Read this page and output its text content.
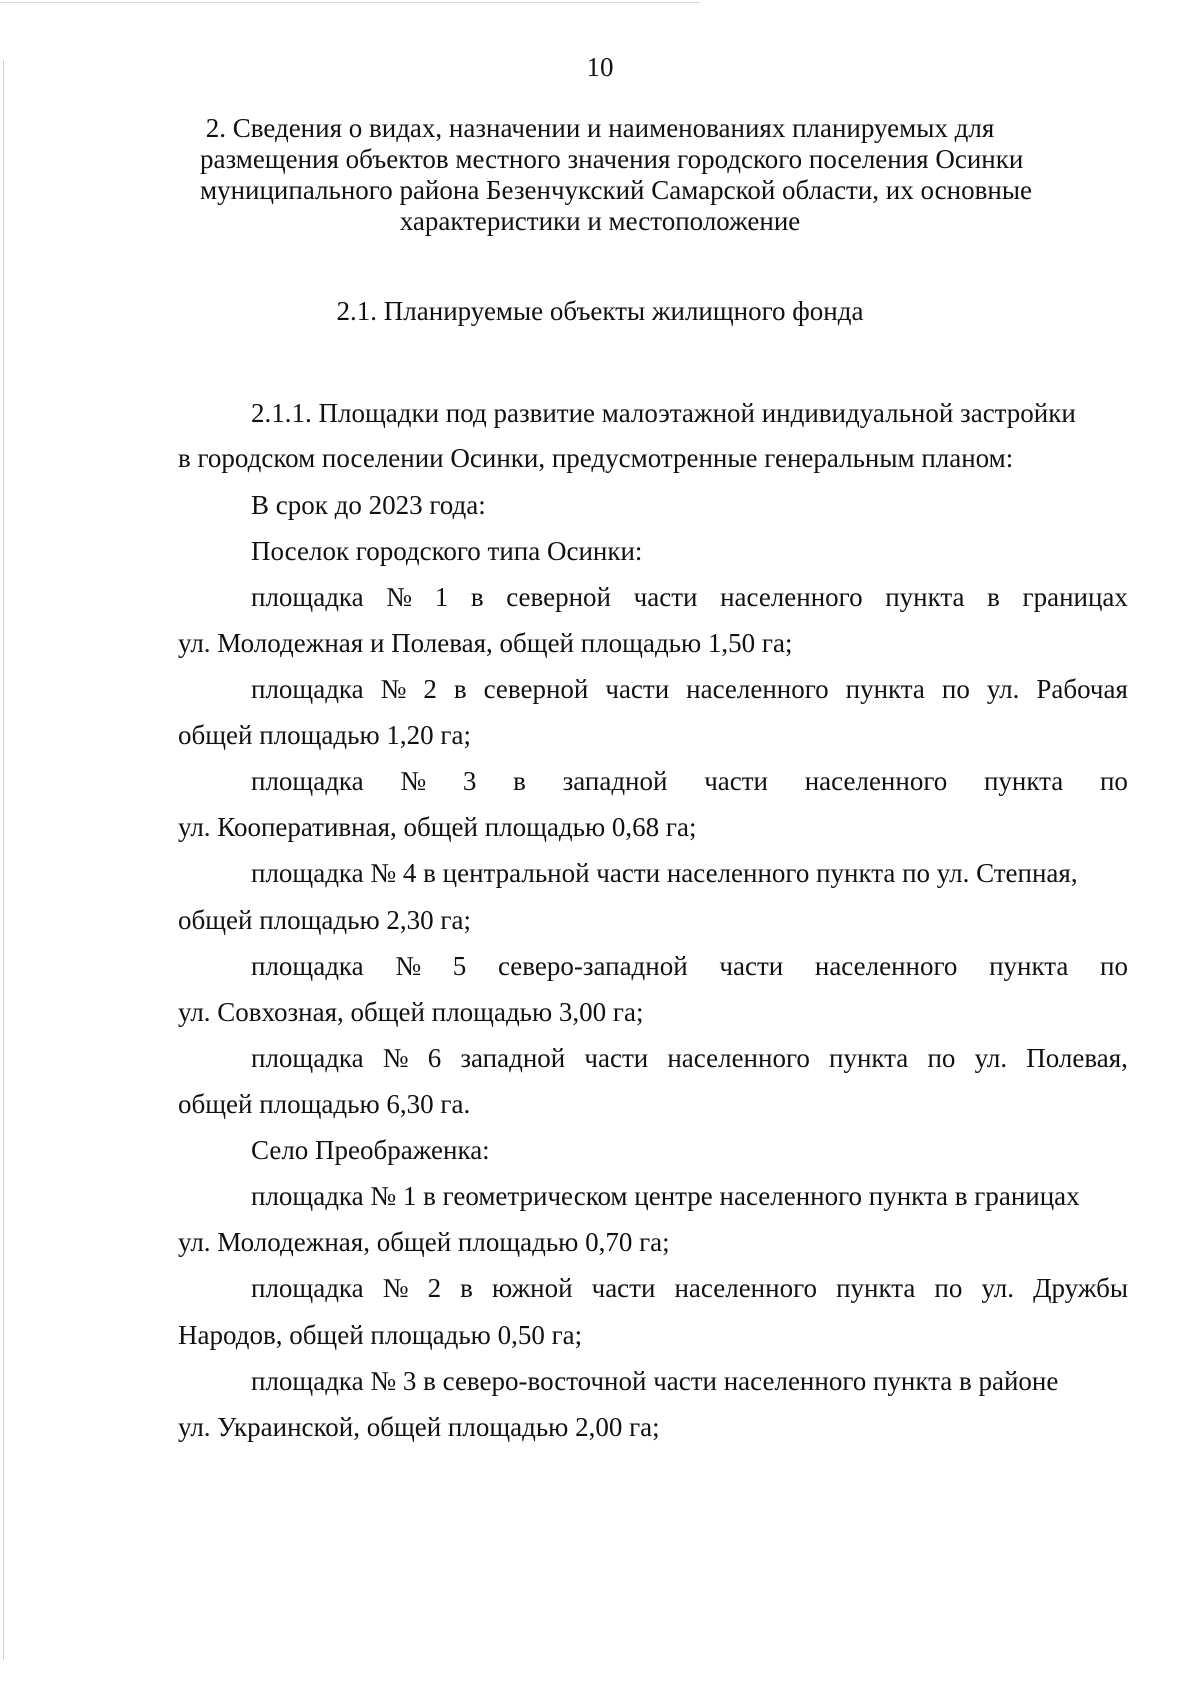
10
2. Сведения о видах, назначении и наименованиях планируемых для
размещения объектов местного значения городского поселения Осинки
муниципального района Безенчукский Самарской области, их основные
характеристики и местоположение
2.1. Планируемые объекты жилищного фонда
2.1.1. Площадки под развитие малоэтажной индивидуальной застройки
в городском поселении Осинки, предусмотренные генеральным планом:
В срок до 2023 года:
Поселок городского типа Осинки:
площадка № 1 в северной части населенного пункта в границах
ул. Молодежная и Полевая, общей площадью 1,50 га;
площадка № 2 в северной части населенного пункта по ул. Рабочая
общей площадью 1,20 га;
площадка № 3 в западной части населенного пункта по
ул. Кооперативная, общей площадью 0,68 га;
площадка № 4 в центральной части населенного пункта по ул. Степная,
общей площадью 2,30 га;
площадка № 5 северо-западной части населенного пункта по
ул. Совхозная, общей площадью 3,00 га;
площадка № 6 западной части населенного пункта по ул. Полевая,
общей площадью 6,30 га.
Село Преображенка:
площадка № 1 в геометрическом центре населенного пункта в границах
ул. Молодежная, общей площадью 0,70 га;
площадка № 2 в южной части населенного пункта по ул. Дружбы
Народов, общей площадью 0,50 га;
площадка № 3 в северо-восточной части населенного пункта в районе
ул. Украинской, общей площадью 2,00 га;
